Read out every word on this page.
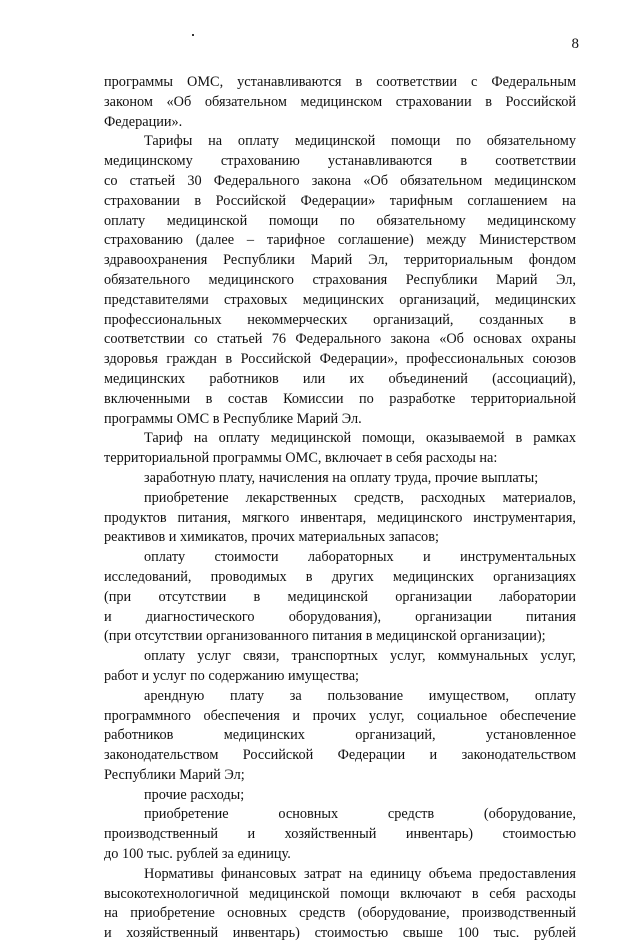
8
программы ОМС, устанавливаются в соответствии с Федеральным
законом «Об обязательном медицинском страховании в Российской
Федерации».
Тарифы на оплату медицинской помощи по обязательному
медицинскому страхованию устанавливаются в соответствии
со статьей 30 Федерального закона «Об обязательном медицинском
страховании в Российской Федерации» тарифным соглашением на
оплату медицинской помощи по обязательному медицинскому
страхованию (далее – тарифное соглашение) между Министерством
здравоохранения Республики Марий Эл, территориальным фондом
обязательного медицинского страхования Республики Марий Эл,
представителями страховых медицинских организаций, медицинских
профессиональных некоммерческих организаций, созданных в
соответствии со статьей 76 Федерального закона «Об основах охраны
здоровья граждан в Российской Федерации», профессиональных союзов
медицинских работников или их объединений (ассоциаций),
включенными в состав Комиссии по разработке территориальной
программы ОМС в Республике Марий Эл.
Тариф на оплату медицинской помощи, оказываемой в рамках
территориальной программы ОМС, включает в себя расходы на:
заработную плату, начисления на оплату труда, прочие выплаты;
приобретение лекарственных средств, расходных материалов,
продуктов питания, мягкого инвентаря, медицинского инструментария,
реактивов и химикатов, прочих материальных запасов;
оплату стоимости лабораторных и инструментальных
исследований, проводимых в других медицинских организациях
(при отсутствии в медицинской организации лаборатории
и диагностического оборудования), организации питания
(при отсутствии организованного питания в медицинской организации);
оплату услуг связи, транспортных услуг, коммунальных услуг,
работ и услуг по содержанию имущества;
арендную плату за пользование имуществом, оплату
программного обеспечения и прочих услуг, социальное обеспечение
работников медицинских организаций, установленное
законодательством Российской Федерации и законодательством
Республики Марий Эл;
прочие расходы;
приобретение основных средств (оборудование,
производственный и хозяйственный инвентарь) стоимостью
до 100 тыс. рублей за единицу.
Нормативы финансовых затрат на единицу объема предоставления
высокотехнологичной медицинской помощи включают в себя расходы
на приобретение основных средств (оборудование, производственный
и хозяйственный инвентарь) стоимостью свыше 100 тыс. рублей
